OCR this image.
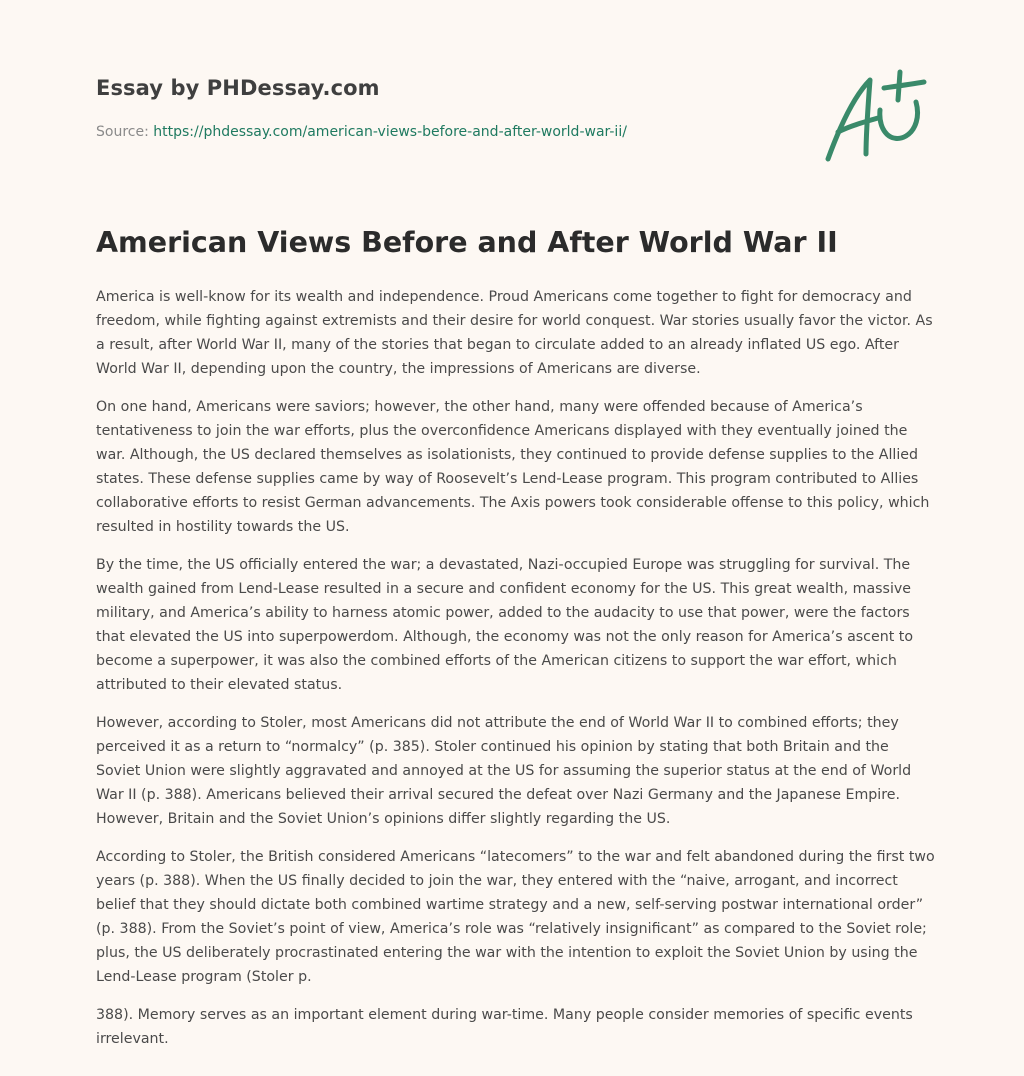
Essay by PHDessay.com
Source: https://phdessay.com/american-views-before-and-after-world-war-ii/
American Views Before and After World War II

America is well-know for its wealth and independence. Proud Americans come together to fight for democracy and freedom, while fighting against extremists and their desire for world conquest. War stories usually favor the victor. As a result, after World War II, many of the stories that began to circulate added to an already inflated US ego. After World War II, depending upon the country, the impressions of Americans are diverse.

On one hand, Americans were saviors; however, the other hand, many were offended because of America’s tentativeness to join the war efforts, plus the overconfidence Americans displayed with they eventually joined the war. Although, the US declared themselves as isolationists, they continued to provide defense supplies to the Allied states. These defense supplies came by way of Roosevelt’s Lend-Lease program. This program contributed to Allies collaborative efforts to resist German advancements. The Axis powers took considerable offense to this policy, which resulted in hostility towards the US.

By the time, the US officially entered the war; a devastated, Nazi-occupied Europe was struggling for survival. The wealth gained from Lend-Lease resulted in a secure and confident economy for the US. This great wealth, massive military, and America’s ability to harness atomic power, added to the audacity to use that power, were the factors that elevated the US into superpowerdom. Although, the economy was not the only reason for America’s ascent to become a superpower, it was also the combined efforts of the American citizens to support the war effort, which attributed to their elevated status.

However, according to Stoler, most Americans did not attribute the end of World War II to combined efforts; they perceived it as a return to “normalcy” (p. 385). Stoler continued his opinion by stating that both Britain and the Soviet Union were slightly aggravated and annoyed at the US for assuming the superior status at the end of World War II (p. 388). Americans believed their arrival secured the defeat over Nazi Germany and the Japanese Empire. However, Britain and the Soviet Union’s opinions differ slightly regarding the US.

According to Stoler, the British considered Americans “latecomers” to the war and felt abandoned during the first two years (p. 388). When the US finally decided to join the war, they entered with the “naive, arrogant, and incorrect belief that they should dictate both combined wartime strategy and a new, self-serving postwar international order” (p. 388). From the Soviet’s point of view, America’s role was “relatively insignificant” as compared to the Soviet role; plus, the US deliberately procrastinated entering the war with the intention to exploit the Soviet Union by using the Lend-Lease program (Stoler p.

388). Memory serves as an important element during war-time. Many people consider memories of specific events irrelevant.
